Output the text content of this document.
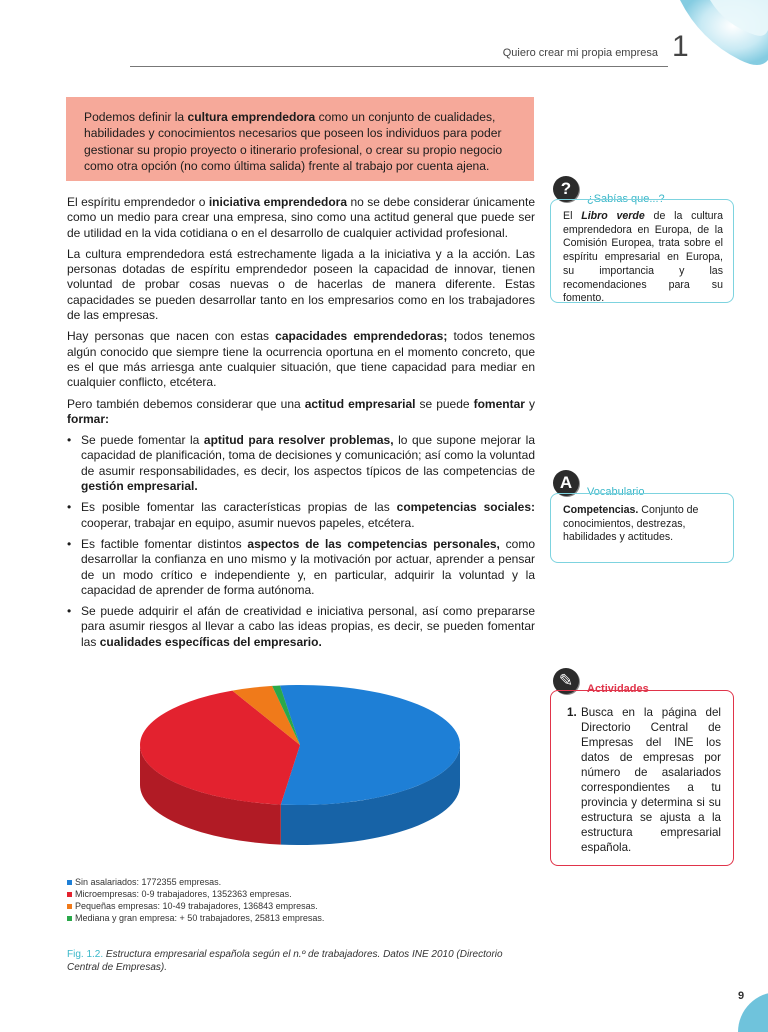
Quiero crear mi propia empresa 1
Podemos definir la cultura emprendedora como un conjunto de cualidades, habilidades y conocimientos necesarios que poseen los individuos para poder gestionar su propio proyecto o itinerario profesional, o crear su propio negocio como otra opción (no como última salida) frente al trabajo por cuenta ajena.

El espíritu emprendedor o iniciativa emprendedora no se debe considerar únicamente como un medio para crear una empresa, sino como una actitud general que puede ser de utilidad en la vida cotidiana o en el desarrollo de cualquier actividad profesional.

La cultura emprendedora está estrechamente ligada a la iniciativa y a la acción. Las personas dotadas de espíritu emprendedor poseen la capacidad de innovar, tienen voluntad de probar cosas nuevas o de hacerlas de manera diferente. Estas capacidades se pueden desarrollar tanto en los empresarios como en los trabajadores de las empresas.

Hay personas que nacen con estas capacidades emprendedoras; todos tenemos algún conocido que siempre tiene la ocurrencia oportuna en el momento concreto, que es el que más arriesga ante cualquier situación, que tiene capacidad para mediar en cualquier conflicto, etcétera.

Pero también debemos considerar que una actitud empresarial se puede fomentar y formar:

• Se puede fomentar la aptitud para resolver problemas, lo que supone mejorar la capacidad de planificación, toma de decisiones y comunicación; así como la voluntad de asumir responsabilidades, es decir, los aspectos típicos de las competencias de gestión empresarial.

• Es posible fomentar las características propias de las competencias sociales: cooperar, trabajar en equipo, asumir nuevos papeles, etcétera.

• Es factible fomentar distintos aspectos de las competencias personales, como desarrollar la confianza en uno mismo y la motivación por actuar, aprender a pensar de un modo crítico e independiente y, en particular, adquirir la voluntad y la capacidad de aprender de forma autónoma.

• Se puede adquirir el afán de creatividad e iniciativa personal, así como prepararse para asumir riesgos al llevar a cabo las ideas propias, es decir, se pueden fomentar las cualidades específicas del empresario.

?
¿Sabías que...?
El Libro verde de la cultura emprendedora en Europa, de la Comisión Europea, trata sobre el espíritu empresarial en Europa, su importancia y las recomendaciones para su fomento.
A	Vocabulario
Competencias. Conjunto de conocimientos, destrezas, habilidades y actitudes.
✎	Actividades
1. Busca en la página del Directorio Central de Empresas del INE los datos de empresas por número de asalariados correspondientes a tu provincia y determina si su estructura se ajusta a la estructura empresarial española.
Sin asalariados: 1772355 empresas.
Microempresas: 0-9 trabajadores, 1352363 empresas.
Pequeñas empresas: 10-49 trabajadores, 136843 empresas.
Mediana y gran empresa: + 50 trabajadores, 25813 empresas.
Fig. 1.2. Estructura empresarial española según el n.º de trabajadores. Datos INE 2010 (Directorio Central de Empresas).
9
